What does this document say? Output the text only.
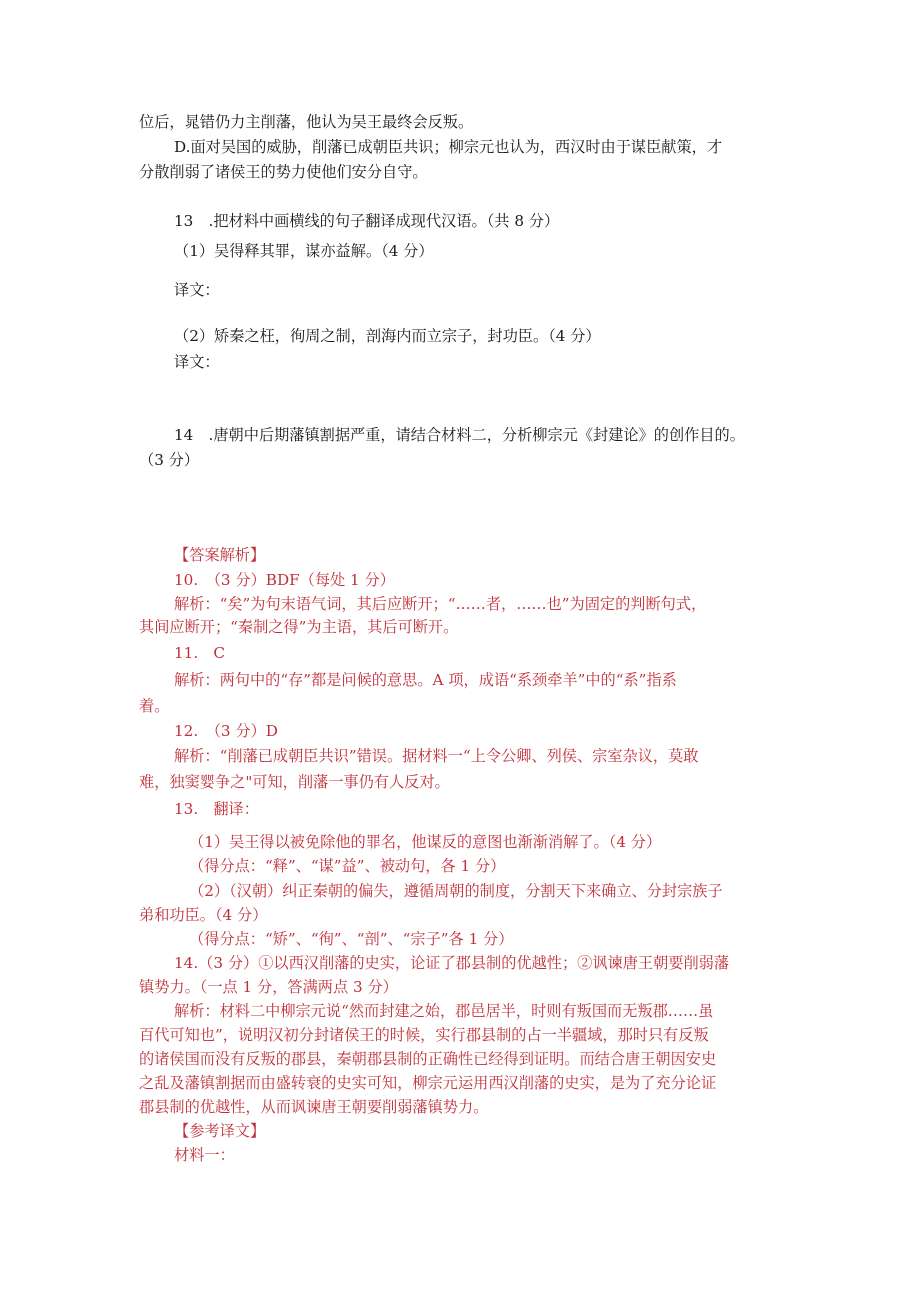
位后，晁错仍力主削藩，他认为吴王最终会反叛。
D.面对吴国的威胁，削藩已成朝臣共识；柳宗元也认为，西汉时由于谋臣献策，才
分散削弱了诸侯王的势力使他们安分自守。
13　.把材料中画横线的句子翻译成现代汉语。（共 8 分）
（1）吴得释其罪，谋亦益解。（4 分）
译文：
（2）矫秦之枉，徇周之制，剖海内而立宗子，封功臣。（4 分）
译文：
14　.唐朝中后期藩镇割据严重，请结合材料二，分析柳宗元《封建论》的创作目的。
（3 分）
【答案解析】
10.　（3 分）BDF（每处 1 分）
解析：“矣”为句末语气词，其后应断开；“……者，……也”为固定的判断句式，
其间应断开；“秦制之得”为主语，其后可断开。
11.　C
解析：两句中的“存”都是问候的意思。A 项，成语“系颈牵羊”中的“系”指系
着。
12.　（3 分）D
解析：“削藩已成朝臣共识”错误。据材料一“上令公卿、列侯、宗室杂议，莫敢
难，独窦婴争之"可知，削藩一事仍有人反对。
13.　翻译：
（1）吴王得以被免除他的罪名，他谋反的意图也渐渐消解了。（4 分）
（得分点：“释”、“谋”益”、被动句，各 1 分）
（2）（汉朝）纠正秦朝的偏失，遵循周朝的制度，分割天下来确立、分封宗族子
弟和功臣。（4 分）
（得分点：“矫”、“徇”、“剖”、“宗子”各 1 分）
14.（3 分）①以西汉削藩的史实，论证了郡县制的优越性；②讽谏唐王朝要削弱藩
镇势力。（一点 1 分，答满两点 3 分）
解析：材料二中柳宗元说“然而封建之始，郡邑居半，时则有叛国而无叛郡……虽
百代可知也”，说明汉初分封诸侯王的时候，实行郡县制的占一半疆域，那时只有反叛
的诸侯国而没有反叛的郡县，秦朝郡县制的正确性已经得到证明。而结合唐王朝因安史
之乱及藩镇割据而由盛转衰的史实可知，柳宗元运用西汉削藩的史实，是为了充分论证
郡县制的优越性，从而讽谏唐王朝要削弱藩镇势力。
【参考译文】
材料一：
